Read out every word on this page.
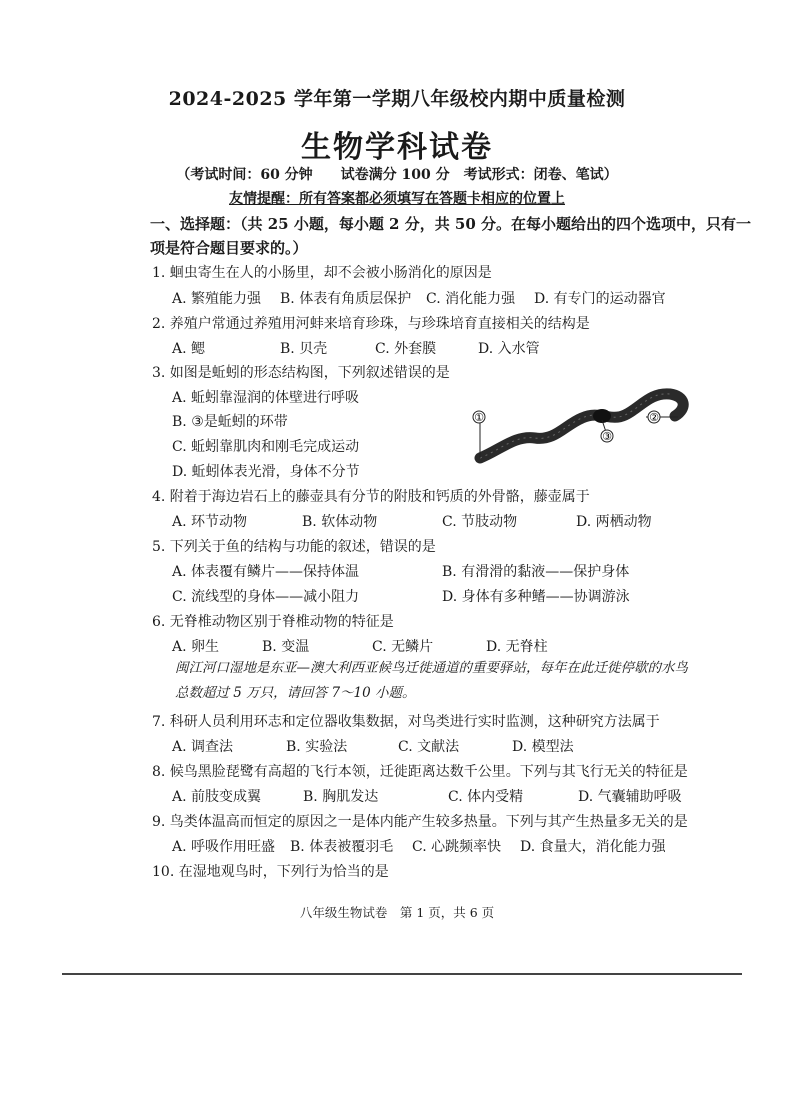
2024-2025 学年第一学期八年级校内期中质量检测
生物学科试卷
（考试时间：60 分钟　　试卷满分 100 分　考试形式：闭卷、笔试）
友情提醒：所有答案都必须填写在答题卡相应的位置上
一、选择题：（共 25 小题，每小题 2 分，共 50 分。在每小题给出的四个选项中，只有一
项是符合题目要求的。）
1. 蛔虫寄生在人的小肠里，却不会被小肠消化的原因是
A. 繁殖能力强 B. 体表有角质层保护 C. 消化能力强 D. 有专门的运动器官
2. 养殖户常通过养殖用河蚌来培育珍珠，与珍珠培育直接相关的结构是
A. 鳃	B. 贝壳	C. 外套膜	D. 入水管
3. 如图是蚯蚓的形态结构图，下列叙述错误的是
A. 蚯蚓靠湿润的体壁进行呼吸
B. ③是蚯蚓的环带
C. 蚯蚓靠肌肉和刚毛完成运动
D. 蚯蚓体表光滑，身体不分节
①	②
③
4. 附着于海边岩石上的藤壶具有分节的附肢和钙质的外骨骼，藤壶属于
A. 环节动物	B. 软体动物	C. 节肢动物	D. 两栖动物
5. 下列关于鱼的结构与功能的叙述，错误的是
A. 体表覆有鳞片——保持体温	B. 有滑滑的黏液——保护身体
C. 流线型的身体——减小阻力	D. 身体有多种鳍——协调游泳
6. 无脊椎动物区别于脊椎动物的特征是
A. 卵生	B. 变温	C. 无鳞片	D. 无脊柱
闽江河口湿地是东亚—澳大利西亚候鸟迁徙通道的重要驿站，每年在此迁徙停歇的水鸟总数超过 5 万只，请回答 7～10 小题。
7. 科研人员利用环志和定位器收集数据，对鸟类进行实时监测，这种研究方法属于
A. 调查法	B. 实验法	C. 文献法	D. 模型法
8. 候鸟黑脸琵鹭有高超的飞行本领，迁徙距离达数千公里。下列与其飞行无关的特征是
A. 前肢变成翼	B. 胸肌发达	C. 体内受精	D. 气囊辅助呼吸
9. 鸟类体温高而恒定的原因之一是体内能产生较多热量。下列与其产生热量多无关的是
A. 呼吸作用旺盛 B. 体表被覆羽毛 C. 心跳频率快 D. 食量大，消化能力强
10. 在湿地观鸟时，下列行为恰当的是
八年级生物试卷　第 1 页，共 6 页
